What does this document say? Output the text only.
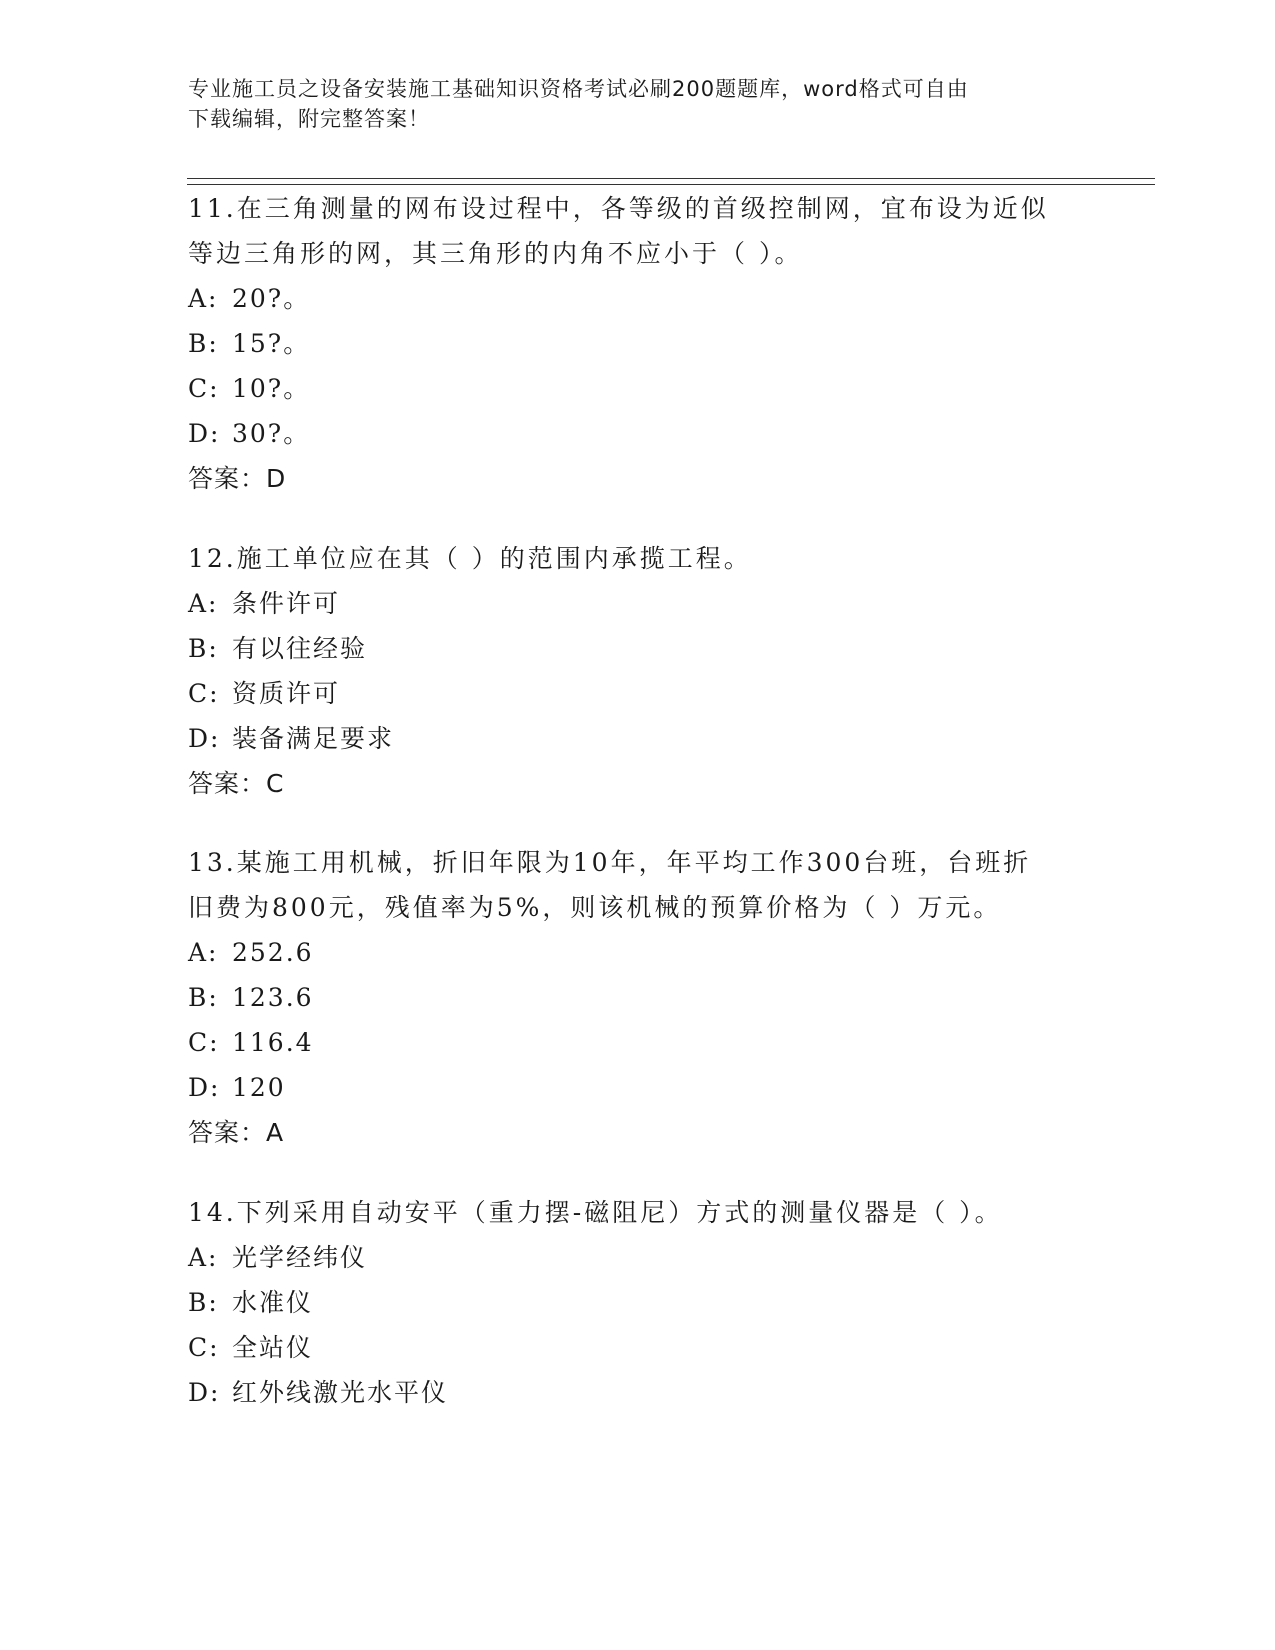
专业施工员之设备安装施工基础知识资格考试必刷200题题库，word格式可自由
下载编辑，附完整答案！
11.在三角测量的网布设过程中，各等级的首级控制网，宜布设为近似
等边三角形的网，其三角形的内角不应小于（ ）。
A: 20?。
B: 15?。
C: 10?。
D: 30?。
答案：D
12.施工单位应在其（ ）的范围内承揽工程。
A: 条件许可
B: 有以往经验
C: 资质许可
D: 装备满足要求
答案：C
13.某施工用机械，折旧年限为10年，年平均工作300台班，台班折
旧费为800元，残值率为5%，则该机械的预算价格为（ ）万元。
A: 252.6
B: 123.6
C: 116.4
D: 120
答案：A
14.下列采用自动安平（重力摆-磁阻尼）方式的测量仪器是（ ）。
A: 光学经纬仪
B: 水准仪
C: 全站仪
D: 红外线激光水平仪
